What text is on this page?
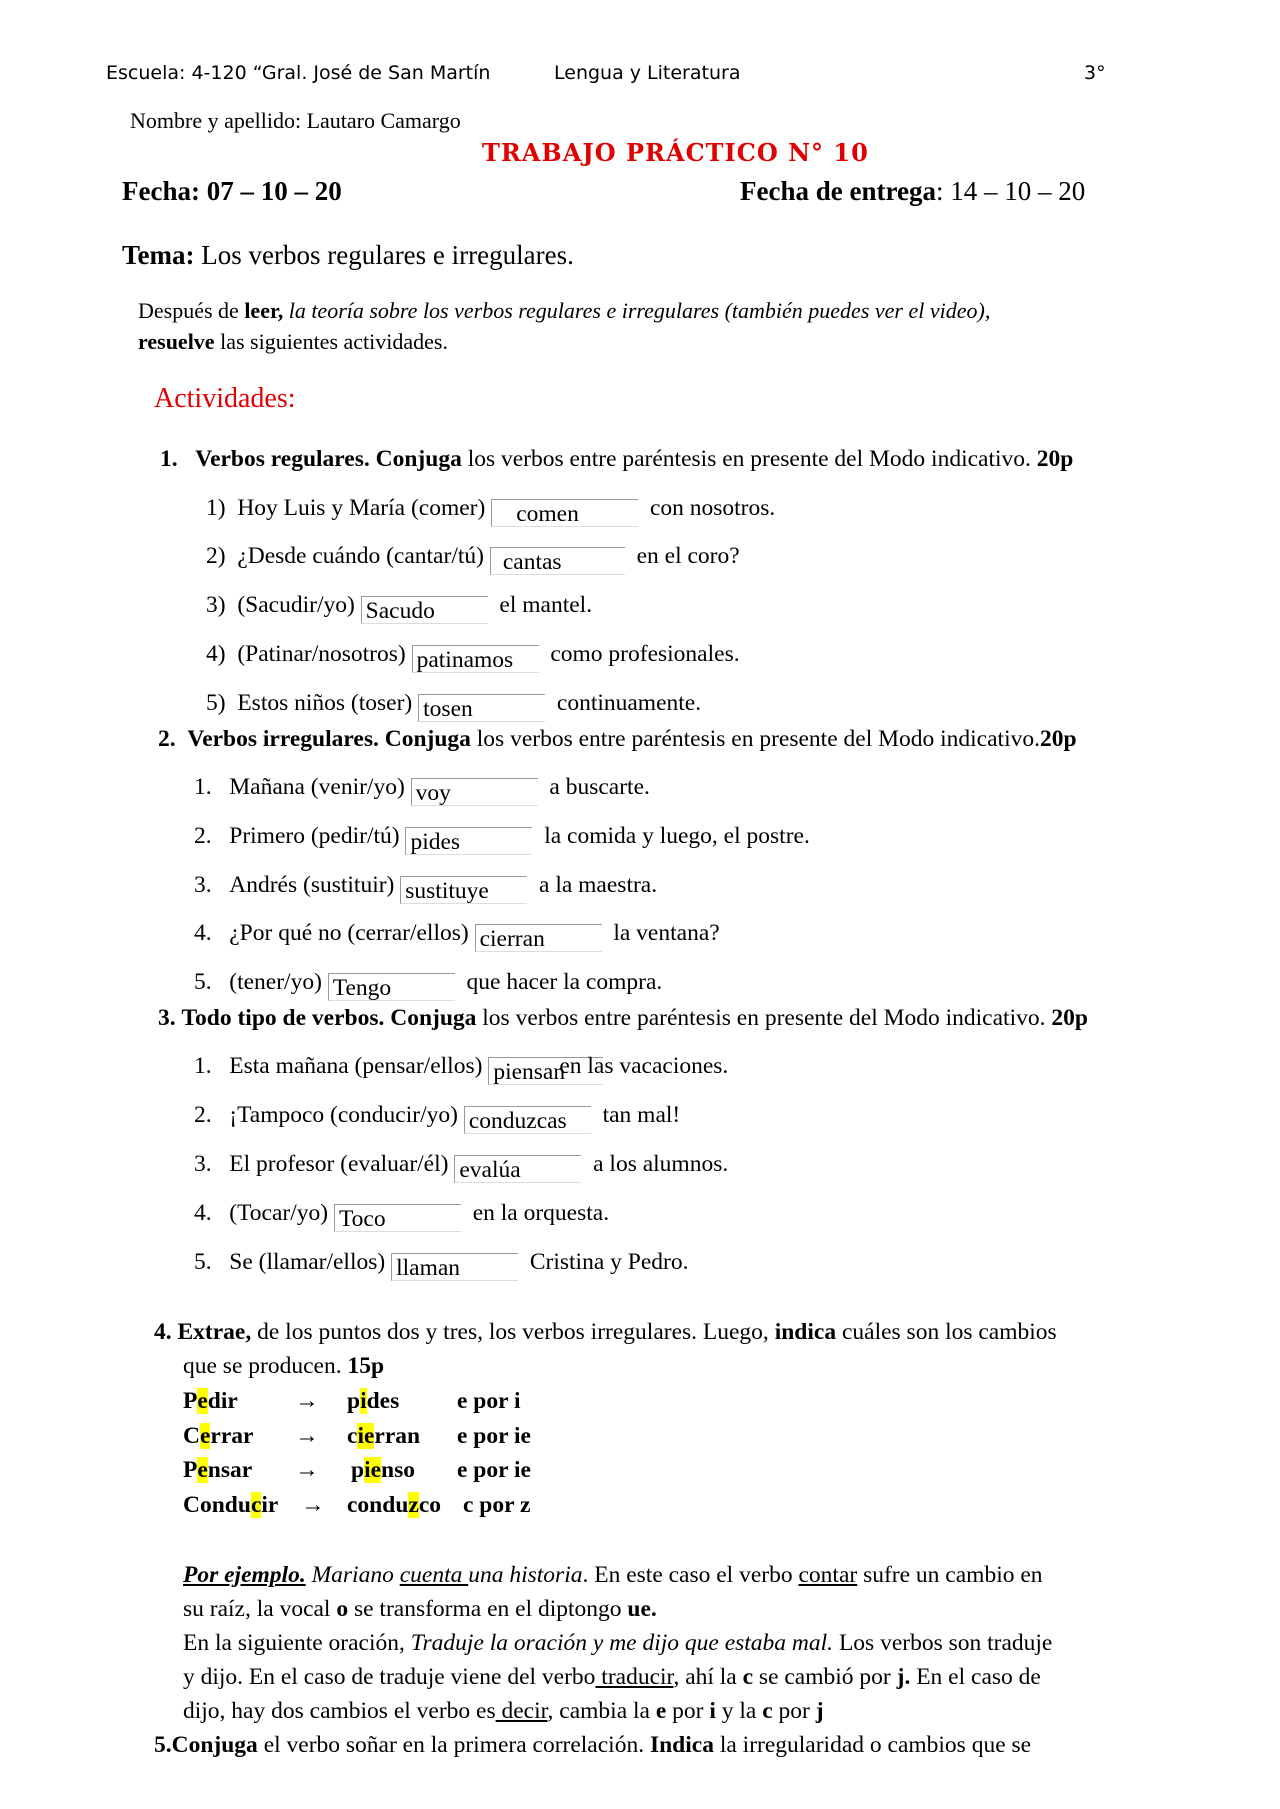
Escuela: 4-120 “Gral. José de San Martín	Lengua y Literatura	3°
Nombre y apellido: Lautaro Camargo
TRABAJO PRÁCTICO N° 10
Fecha: 07 – 10 – 20	Fecha de entrega: 14 – 10 – 20
Tema: Los verbos regulares e irregulares.
Después de leer, la teoría sobre los verbos regulares e irregulares (también puedes ver el video),
resuelve las siguientes actividades.
Actividades:
1. Verbos regulares. Conjuga los verbos entre paréntesis en presente del Modo indicativo. 20p
1) Hoy Luis y María (comer) comen	con nosotros.
2) ¿Desde cuándo (cantar/tú) cantas	en el coro?
3) (Sacudir/yo) Sacudo	el mantel.
4) (Patinar/nosotros) patinamos como profesionales.
5) Estos niños (toser) tosen	continuamente.
2. Verbos irregulares. Conjuga los verbos entre paréntesis en presente del Modo indicativo.20p
1. Mañana (venir/yo) voy	a buscarte.
2. Primero (pedir/tú) pides	la comida y luego, el postre.
3. Andrés (sustituir) sustituye a la maestra.
4. ¿Por qué no (cerrar/ellos) cierran	la ventana?
5. (tener/yo) Tengo	que hacer la compra.
3. Todo tipo de verbos. Conjuga los verbos entre paréntesis en presente del Modo indicativo. 20p
1. Esta mañana (pensar/ellos) piensanen las vacaciones.
2. ¡Tampoco (conducir/yo) conduzcas tan mal!
3. El profesor (evaluar/él) evalúa	a los alumnos.
4. (Tocar/yo) Toco	en la orquesta.
5. Se (llamar/ellos) llaman	Cristina y Pedro.
4. Extrae, de los puntos dos y tres, los verbos irregulares. Luego, indica cuáles son los cambios
que se producen. 15p
Pedir → pides e por i
Cerrar → cierran e por ie
Pensar → pienso e por ie
Conducir → conduzco c por z
Por ejemplo. Mariano cuenta una historia. En este caso el verbo contar sufre un cambio en
su raíz, la vocal o se transforma en el diptongo ue.
En la siguiente oración, Traduje la oración y me dijo que estaba mal. Los verbos son traduje
y dijo. En el caso de traduje viene del verbo traducir, ahí la c se cambió por j. En el caso de
dijo, hay dos cambios el verbo es decir, cambia la e por i y la c por j
5.Conjuga el verbo soñar en la primera correlación. Indica la irregularidad o cambios que se
